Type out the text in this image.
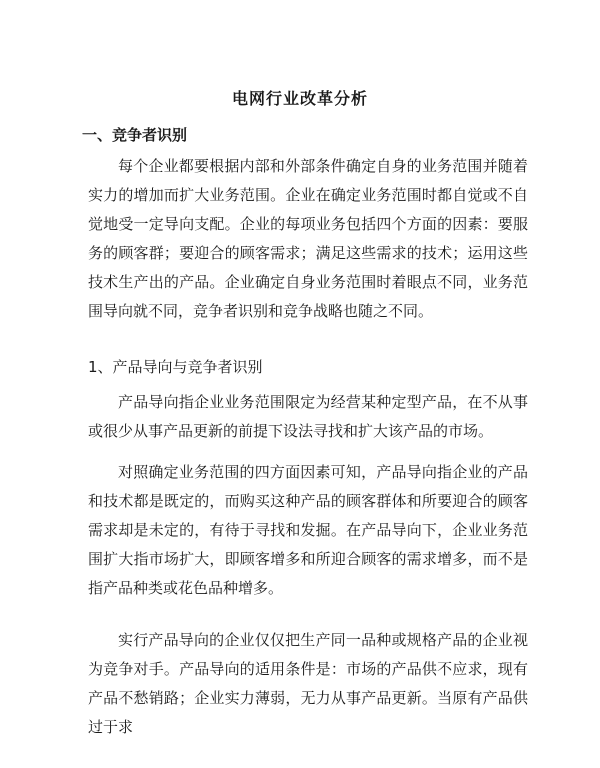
电网行业改革分析
一、竞争者识别
每个企业都要根据内部和外部条件确定自身的业务范围并随着实力的增加而扩大业务范围。企业在确定业务范围时都自觉或不自觉地受一定导向支配。企业的每项业务包括四个方面的因素：要服务的顾客群；要迎合的顾客需求；满足这些需求的技术；运用这些技术生产出的产品。企业确定自身业务范围时着眼点不同，业务范围导向就不同，竞争者识别和竞争战略也随之不同。
1、产品导向与竞争者识别
产品导向指企业业务范围限定为经营某种定型产品，在不从事或很少从事产品更新的前提下设法寻找和扩大该产品的市场。
对照确定业务范围的四方面因素可知，产品导向指企业的产品和技术都是既定的，而购买这种产品的顾客群体和所要迎合的顾客需求却是未定的，有待于寻找和发掘。在产品导向下，企业业务范围扩大指市场扩大，即顾客增多和所迎合顾客的需求增多，而不是指产品种类或花色品种增多。
实行产品导向的企业仅仅把生产同一品种或规格产品的企业视为竞争对手。产品导向的适用条件是：市场的产品供不应求，现有产品不愁销路；企业实力薄弱，无力从事产品更新。当原有产品供过于求
